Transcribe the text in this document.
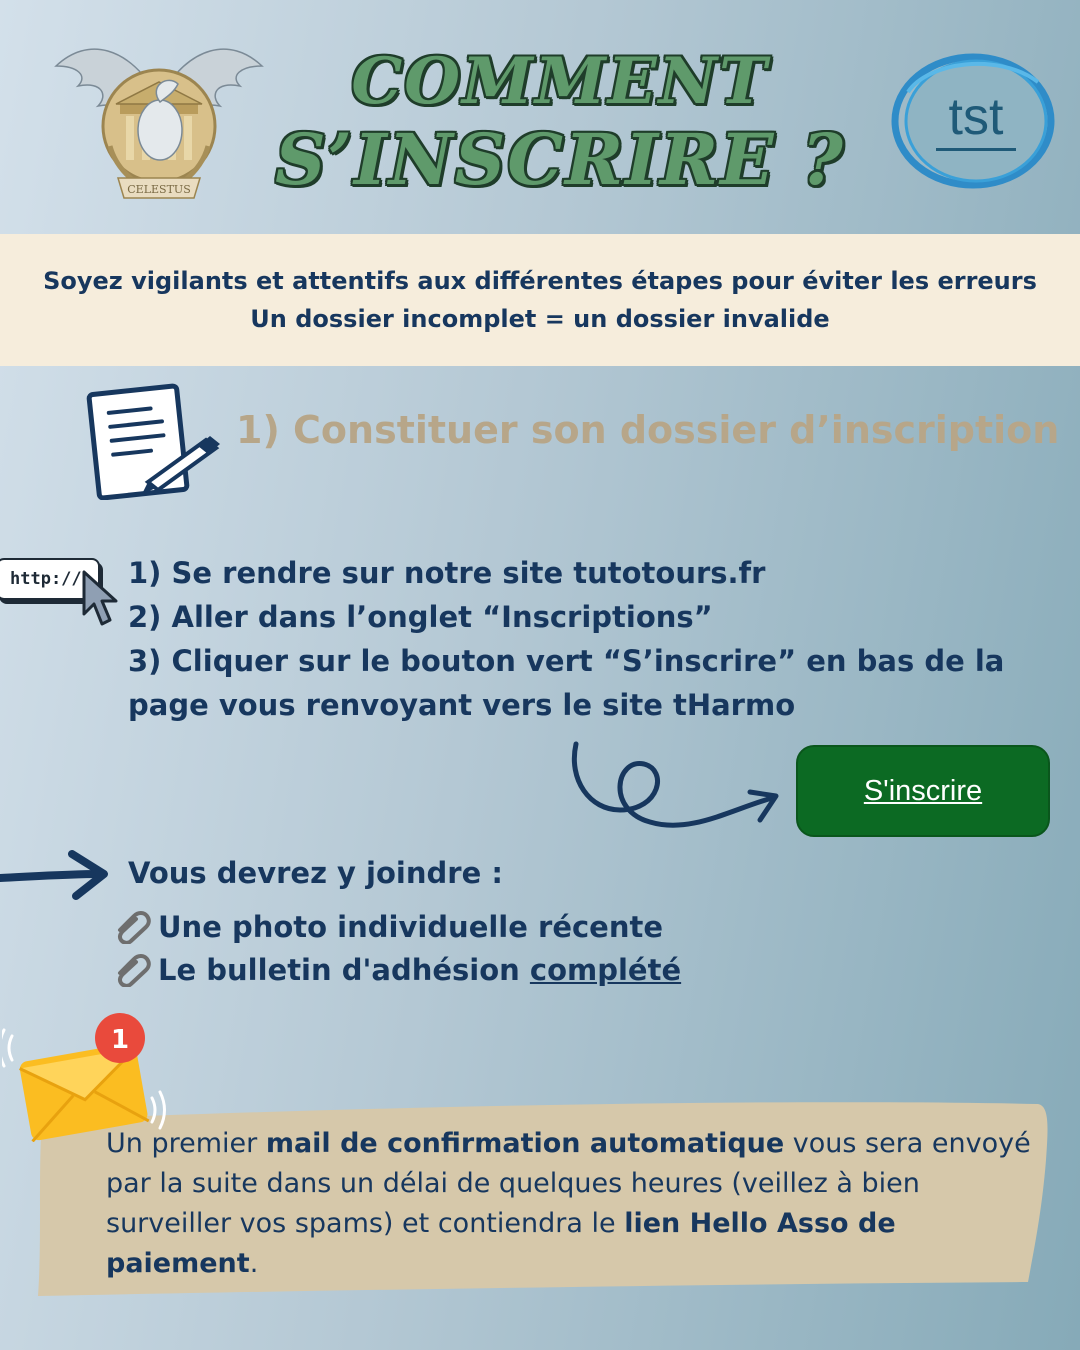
CELESTUS
COMMENT
S’INSCRIRE ?
tst

Soyez vigilants et attentifs aux différentes étapes pour éviter les erreurs

Un dossier incomplet = un dossier invalide

1) Constituer son dossier d’inscription
http://	1) Se rendre sur notre site tutotours.fr
2) Aller dans l’onglet “Inscriptions”
3) Cliquer sur le bouton vert “S’inscrire” en bas de la
page vous renvoyant vers le site tHarmo
S'inscrire
Vous devrez y joindre :
Une photo individuelle récente
Le bulletin d'adhésion complété
1
Un premier mail de confirmation automatique vous sera envoyé par la suite dans un délai de quelques heures (veillez à bien surveiller vos spams) et contiendra le lien Hello Asso de paiement.
